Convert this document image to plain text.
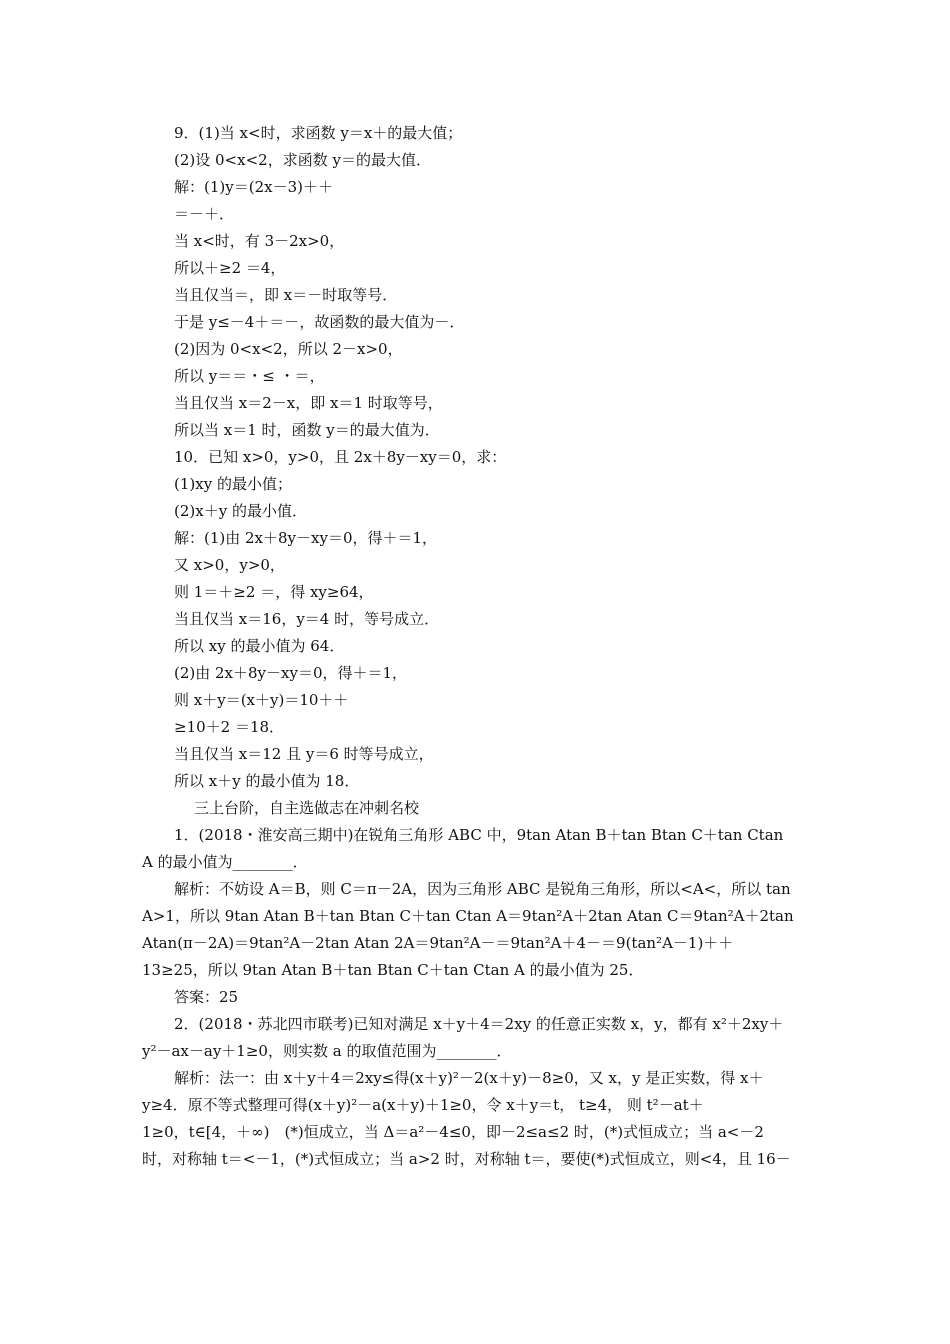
9．(1)当 x<时，求函数 y＝x＋的最大值；
(2)设 0<x<2，求函数 y＝的最大值．
解：(1)y＝(2x－3)＋＋
＝－＋．
当 x<时，有 3－2x>0，
所以＋≥2 ＝4，
当且仅当＝，即 x＝－时取等号．
于是 y≤－4＋＝－，故函数的最大值为－．
(2)因为 0<x<2，所以 2－x>0，
所以 y＝＝・≤ ・＝，
当且仅当 x＝2－x，即 x＝1 时取等号，
所以当 x＝1 时，函数 y＝的最大值为．
10．已知 x>0，y>0，且 2x＋8y－xy＝0，求：
(1)xy 的最小值；
(2)x＋y 的最小值．
解：(1)由 2x＋8y－xy＝0，得＋＝1，
又 x>0，y>0，
则 1＝＋≥2 ＝，得 xy≥64，
当且仅当 x＝16，y＝4 时，等号成立．
所以 xy 的最小值为 64．
(2)由 2x＋8y－xy＝0，得＋＝1，
则 x＋y＝(x＋y)＝10＋＋
≥10＋2 ＝18．
当且仅当 x＝12 且 y＝6 时等号成立，
所以 x＋y 的最小值为 18．
三上台阶，自主选做志在冲刺名校
1．(2018・淮安高三期中)在锐角三角形 ABC 中，9tan Atan B＋tan Btan C＋tan Ctan
A 的最小值为________．
解析：不妨设 A＝B，则 C＝π－2A，因为三角形 ABC 是锐角三角形，所以<A<，所以 tan
A>1，所以 9tan Atan B＋tan Btan C＋tan Ctan A＝9tan²A＋2tan Atan C＝9tan²A＋2tan
Atan(π－2A)＝9tan²A－2tan Atan 2A＝9tan²A－＝9tan²A＋4－＝9(tan²A－1)＋＋
13≥25，所以 9tan Atan B＋tan Btan C＋tan Ctan A 的最小值为 25．
答案：25
2．(2018・苏北四市联考)已知对满足 x＋y＋4＝2xy 的任意正实数 x，y，都有 x²＋2xy＋
y²－ax－ay＋1≥0，则实数 a 的取值范围为________．
解析：法一：由 x＋y＋4＝2xy≤得(x＋y)²－2(x＋y)－8≥0，又 x，y 是正实数，得 x＋
y≥4．原不等式整理可得(x＋y)²－a(x＋y)＋1≥0，令 x＋y＝t， t≥4， 则 t²－at＋
1≥0，t∈[4，＋∞)　(*)恒成立，当 Δ＝a²－4≤0，即－2≤a≤2 时，(*)式恒成立；当 a<－2
时，对称轴 t＝<－1，(*)式恒成立；当 a>2 时，对称轴 t＝，要使(*)式恒成立，则<4，且 16－
